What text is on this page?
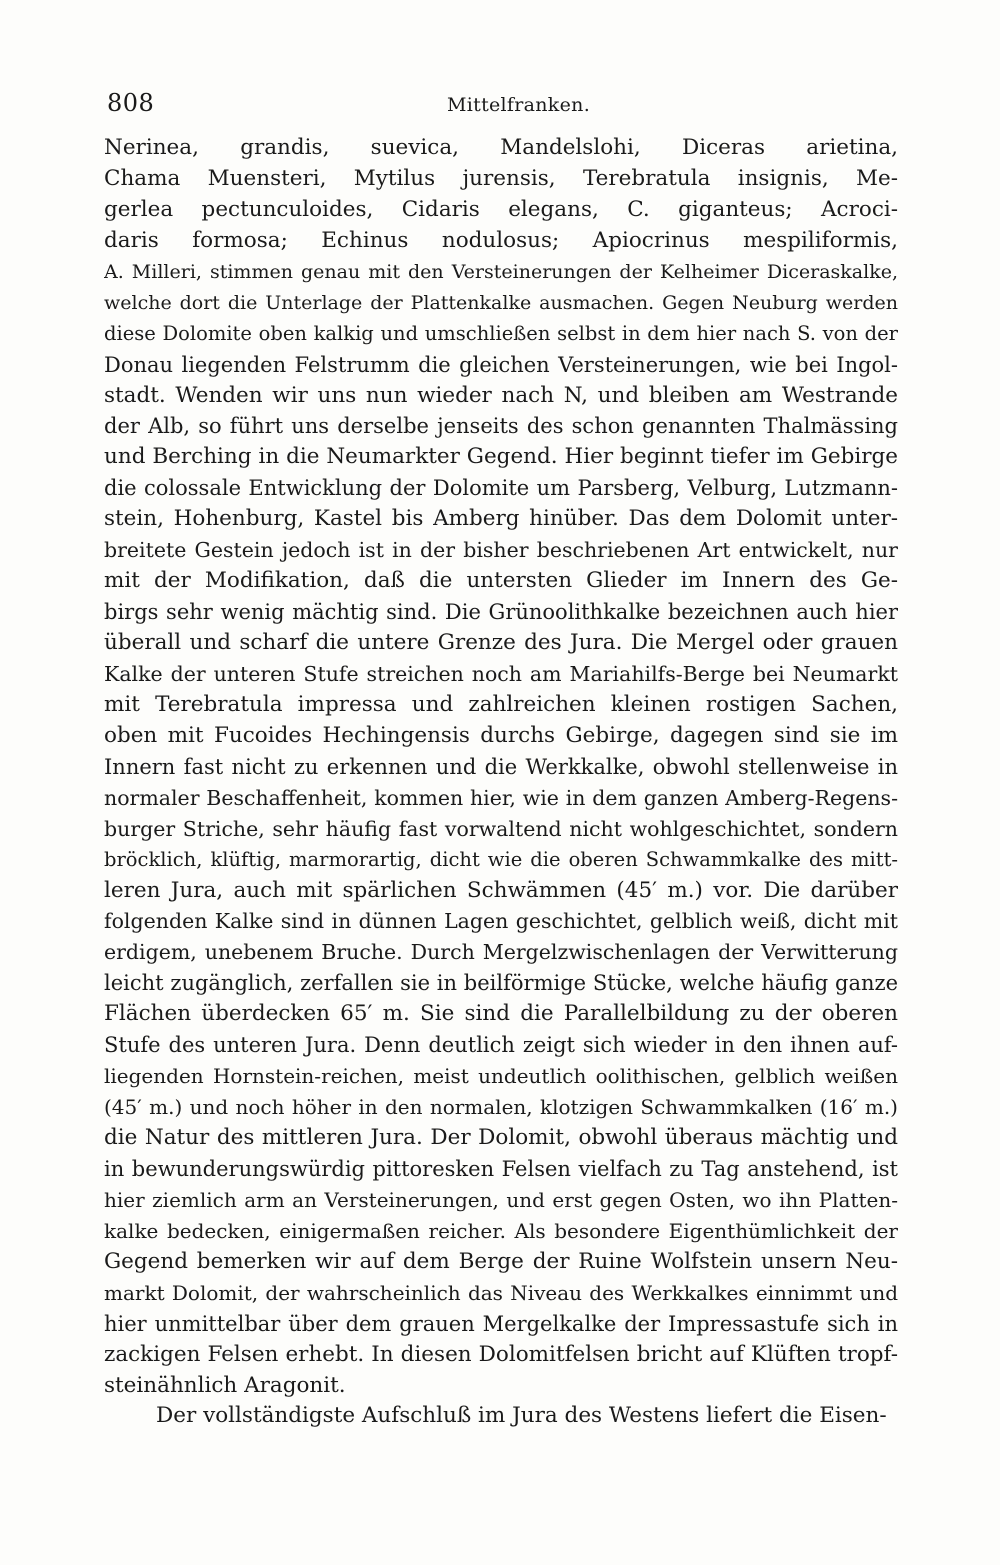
808	Mittelfranken.
Nerinea, grandis, suevica, Mandelslohi, Diceras arietina,
Chama Muensteri, Mytilus jurensis, Terebratula insignis, Me-
gerlea pectunculoides, Cidaris elegans, C. giganteus; Acroci-
daris formosa; Echinus nodulosus; Apiocrinus mespiliformis,
A. Milleri, stimmen genau mit den Versteinerungen der Kelheimer Diceraskalke,
welche dort die Unterlage der Plattenkalke ausmachen. Gegen Neuburg werden
diese Dolomite oben kalkig und umschließen selbst in dem hier nach S. von der
Donau liegenden Felstrumm die gleichen Versteinerungen, wie bei Ingol-
stadt. Wenden wir uns nun wieder nach N, und bleiben am Westrande
der Alb, so führt uns derselbe jenseits des schon genannten Thalmässing
und Berching in die Neumarkter Gegend. Hier beginnt tiefer im Gebirge
die colossale Entwicklung der Dolomite um Parsberg, Velburg, Lutzmann-
stein, Hohenburg, Kastel bis Amberg hinüber. Das dem Dolomit unter-
breitete Gestein jedoch ist in der bisher beschriebenen Art entwickelt, nur
mit der Modifikation, daß die untersten Glieder im Innern des Ge-
birgs sehr wenig mächtig sind. Die Grünoolithkalke bezeichnen auch hier
überall und scharf die untere Grenze des Jura. Die Mergel oder grauen
Kalke der unteren Stufe streichen noch am Mariahilfs-Berge bei Neumarkt
mit Terebratula impressa und zahlreichen kleinen rostigen Sachen,
oben mit Fucoides Hechingensis durchs Gebirge, dagegen sind sie im
Innern fast nicht zu erkennen und die Werkkalke, obwohl stellenweise in
normaler Beschaffenheit, kommen hier, wie in dem ganzen Amberg-Regens-
burger Striche, sehr häufig fast vorwaltend nicht wohlgeschichtet, sondern
bröcklich, klüftig, marmorartig, dicht wie die oberen Schwammkalke des mitt-
leren Jura, auch mit spärlichen Schwämmen (45′ m.) vor. Die darüber
folgenden Kalke sind in dünnen Lagen geschichtet, gelblich weiß, dicht mit
erdigem, unebenem Bruche. Durch Mergelzwischenlagen der Verwitterung
leicht zugänglich, zerfallen sie in beilförmige Stücke, welche häufig ganze
Flächen überdecken 65′ m. Sie sind die Parallelbildung zu der oberen
Stufe des unteren Jura. Denn deutlich zeigt sich wieder in den ihnen auf-
liegenden Hornstein-reichen, meist undeutlich oolithischen, gelblich weißen
(45′ m.) und noch höher in den normalen, klotzigen Schwammkalken (16′ m.)
die Natur des mittleren Jura. Der Dolomit, obwohl überaus mächtig und
in bewunderungswürdig pittoresken Felsen vielfach zu Tag anstehend, ist
hier ziemlich arm an Versteinerungen, und erst gegen Osten, wo ihn Platten-
kalke bedecken, einigermaßen reicher. Als besondere Eigenthümlichkeit der
Gegend bemerken wir auf dem Berge der Ruine Wolfstein unsern Neu-
markt Dolomit, der wahrscheinlich das Niveau des Werkkalkes einnimmt und
hier unmittelbar über dem grauen Mergelkalke der Impressastufe sich in
zackigen Felsen erhebt. In diesen Dolomitfelsen bricht auf Klüften tropf-
steinähnlich Aragonit.
Der vollständigste Aufschluß im Jura des Westens liefert die Eisen-
